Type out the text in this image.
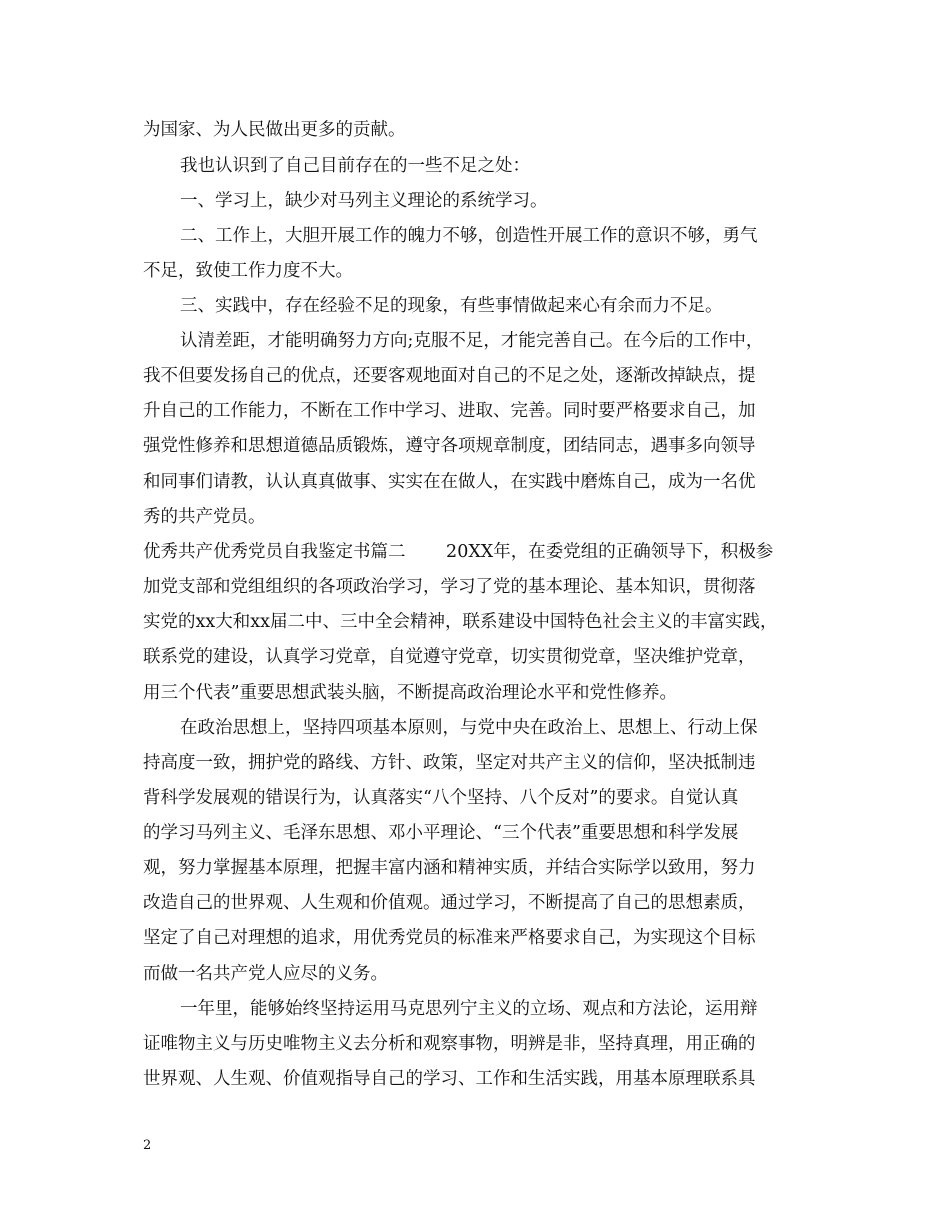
为国家、为人民做出更多的贡献。
我也认识到了自己目前存在的一些不足之处：
一、学习上，缺少对马列主义理论的系统学习。
二、工作上，大胆开展工作的魄力不够，创造性开展工作的意识不够，勇气
不足，致使工作力度不大。
三、实践中，存在经验不足的现象，有些事情做起来心有余而力不足。
认清差距，才能明确努力方向;克服不足，才能完善自己。在今后的工作中，
我不但要发扬自己的优点，还要客观地面对自己的不足之处，逐渐改掉缺点，提
升自己的工作能力，不断在工作中学习、进取、完善。同时要严格要求自己，加
强党性修养和思想道德品质锻炼，遵守各项规章制度，团结同志，遇事多向领导
和同事们请教，认认真真做事、实实在在做人，在实践中磨炼自己，成为一名优
秀的共产党员。
优秀共产优秀党员自我鉴定书篇二　　 20XX年，在委党组的正确领导下，积极参
加党支部和党组组织的各项政治学习，学习了党的基本理论、基本知识，贯彻落
实党的xx大和xx届二中、三中全会精神，联系建设中国特色社会主义的丰富实践，
联系党的建设，认真学习党章，自觉遵守党章，切实贯彻党章，坚决维护党章，
用三个代表”重要思想武装头脑，不断提高政治理论水平和党性修养。
在政治思想上，坚持四项基本原则，与党中央在政治上、思想上、行动上保
持高度一致，拥护党的路线、方针、政策，坚定对共产主义的信仰，坚决抵制违
背科学发展观的错误行为，认真落实“八个坚持、八个反对”的要求。自觉认真
的学习马列主义、毛泽东思想、邓小平理论、“三个代表”重要思想和科学发展
观，努力掌握基本原理，把握丰富内涵和精神实质，并结合实际学以致用，努力
改造自己的世界观、人生观和价值观。通过学习，不断提高了自己的思想素质，
坚定了自己对理想的追求，用优秀党员的标准来严格要求自己，为实现这个目标
而做一名共产党人应尽的义务。
一年里，能够始终坚持运用马克思列宁主义的立场、观点和方法论，运用辩
证唯物主义与历史唯物主义去分析和观察事物，明辨是非，坚持真理，用正确的
世界观、人生观、价值观指导自己的学习、工作和生活实践，用基本原理联系具
2
